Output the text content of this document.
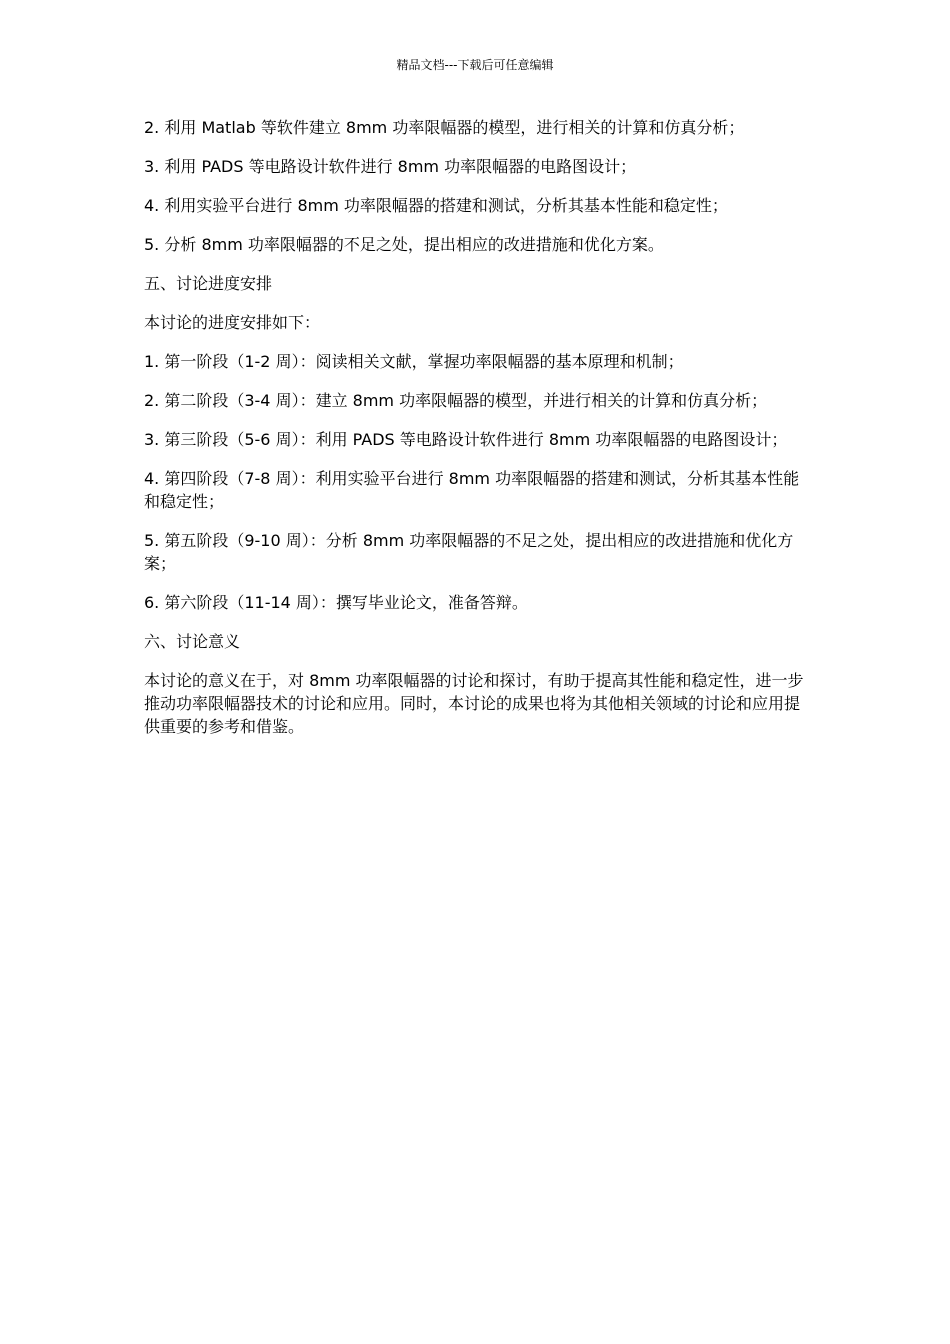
精品文档---下载后可任意编辑

2. 利用 Matlab 等软件建立 8mm 功率限幅器的模型，进行相关的计算和仿真分析；

3. 利用 PADS 等电路设计软件进行 8mm 功率限幅器的电路图设计；

4. 利用实验平台进行 8mm 功率限幅器的搭建和测试，分析其基本性能和稳定性；

5. 分析 8mm 功率限幅器的不足之处，提出相应的改进措施和优化方案。

五、讨论进度安排

本讨论的进度安排如下：

1. 第一阶段（1-2 周）：阅读相关文献，掌握功率限幅器的基本原理和机制；

2. 第二阶段（3-4 周）：建立 8mm 功率限幅器的模型，并进行相关的计算和仿真分析；

3. 第三阶段（5-6 周）：利用 PADS 等电路设计软件进行 8mm 功率限幅器的电路图设计；

4. 第四阶段（7-8 周）：利用实验平台进行 8mm 功率限幅器的搭建和测试，分析其基本性能和稳定性；

5. 第五阶段（9-10 周）：分析 8mm 功率限幅器的不足之处，提出相应的改进措施和优化方案；

6. 第六阶段（11-14 周）：撰写毕业论文，准备答辩。

六、讨论意义

本讨论的意义在于，对 8mm 功率限幅器的讨论和探讨，有助于提高其性能和稳定性，进一步推动功率限幅器技术的讨论和应用。同时，本讨论的成果也将为其他相关领域的讨论和应用提供重要的参考和借鉴。
